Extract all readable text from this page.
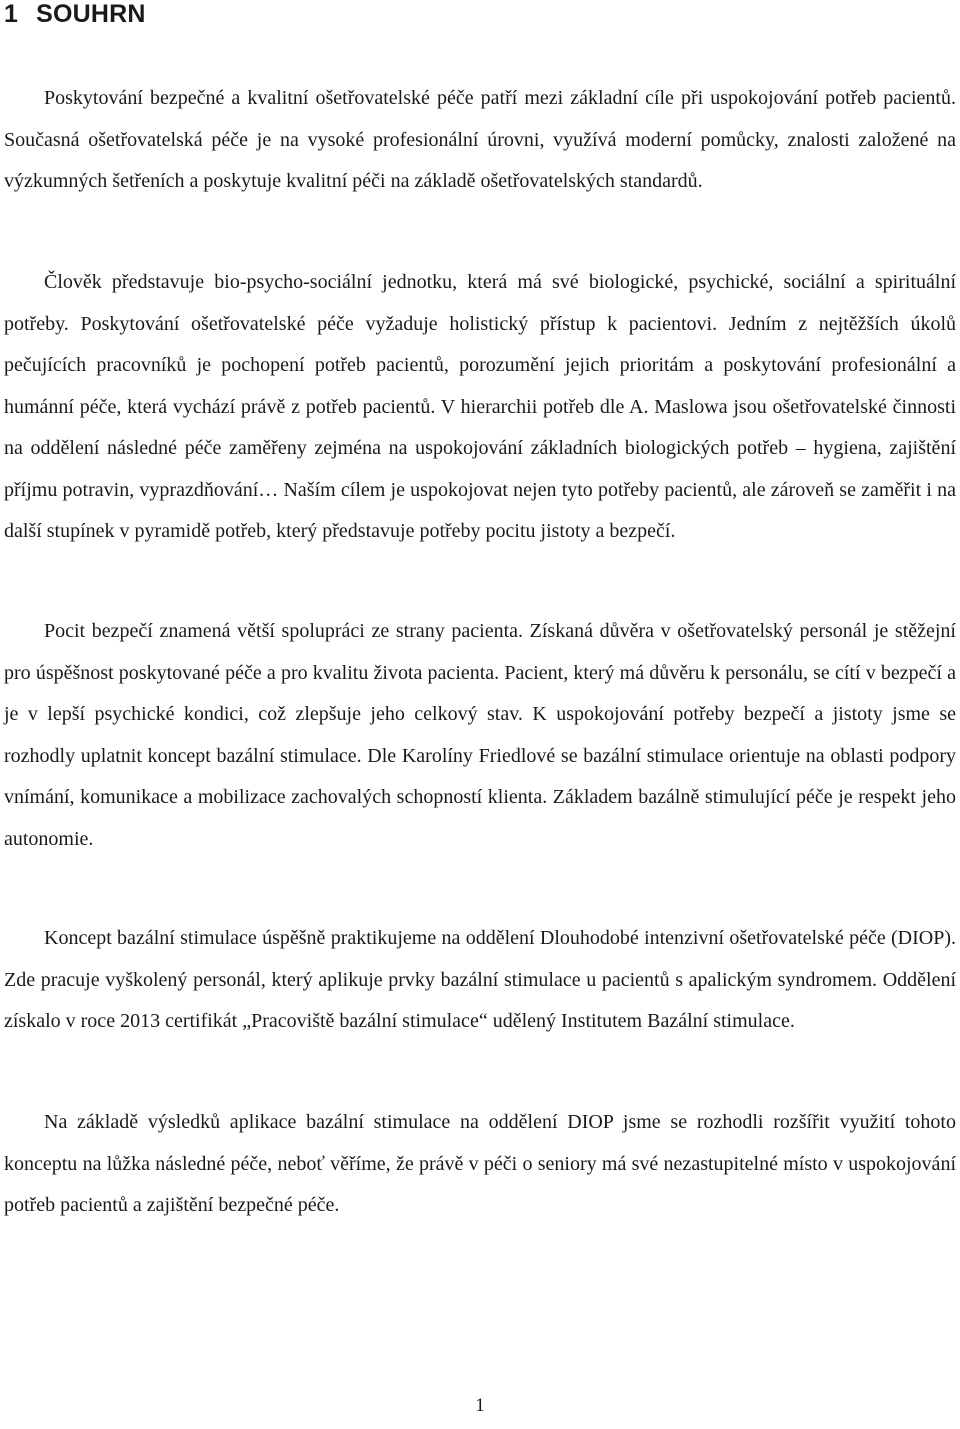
1 SOUHRN

Poskytování bezpečné a kvalitní ošetřovatelské péče patří mezi základní cíle při uspokojování potřeb pacientů. Současná ošetřovatelská péče je na vysoké profesionální úrovni, využívá moderní pomůcky, znalosti založené na výzkumných šetřeních a poskytuje kvalitní péči na základě ošetřovatelských standardů.

Člověk představuje bio-psycho-sociální jednotku, která má své biologické, psychické, sociální a spirituální potřeby. Poskytování ošetřovatelské péče vyžaduje holistický přístup k pacientovi. Jedním z nejtěžších úkolů pečujících pracovníků je pochopení potřeb pacientů, porozumění jejich prioritám a poskytování profesionální a humánní péče, která vychází právě z potřeb pacientů. V hierarchii potřeb dle A. Maslowa jsou ošetřovatelské činnosti na oddělení následné péče zaměřeny zejména na uspokojování základních biologických potřeb – hygiena, zajištění příjmu potravin, vyprazdňování… Naším cílem je uspokojovat nejen tyto potřeby pacientů, ale zároveň se zaměřit i na další stupínek v pyramidě potřeb, který představuje potřeby pocitu jistoty a bezpečí.

Pocit bezpečí znamená větší spolupráci ze strany pacienta. Získaná důvěra v ošetřovatelský personál je stěžejní pro úspěšnost poskytované péče a pro kvalitu života pacienta. Pacient, který má důvěru k personálu, se cítí v bezpečí a je v lepší psychické kondici, což zlepšuje jeho celkový stav. K uspokojování potřeby bezpečí a jistoty jsme se rozhodly uplatnit koncept bazální stimulace. Dle Karolíny Friedlové se bazální stimulace orientuje na oblasti podpory vnímání, komunikace a mobilizace zachovalých schopností klienta. Základem bazálně stimulující péče je respekt jeho autonomie.

Koncept bazální stimulace úspěšně praktikujeme na oddělení Dlouhodobé intenzivní ošetřovatelské péče (DIOP). Zde pracuje vyškolený personál, který aplikuje prvky bazální stimulace u pacientů s apalickým syndromem. Oddělení získalo v roce 2013 certifikát „Pracoviště bazální stimulace“ udělený Institutem Bazální stimulace.

Na základě výsledků aplikace bazální stimulace na oddělení DIOP jsme se rozhodli rozšířit využití tohoto konceptu na lůžka následné péče, neboť věříme, že právě v péči o seniory má své nezastupitelné místo v uspokojování potřeb pacientů a zajištění bezpečné péče.

1
